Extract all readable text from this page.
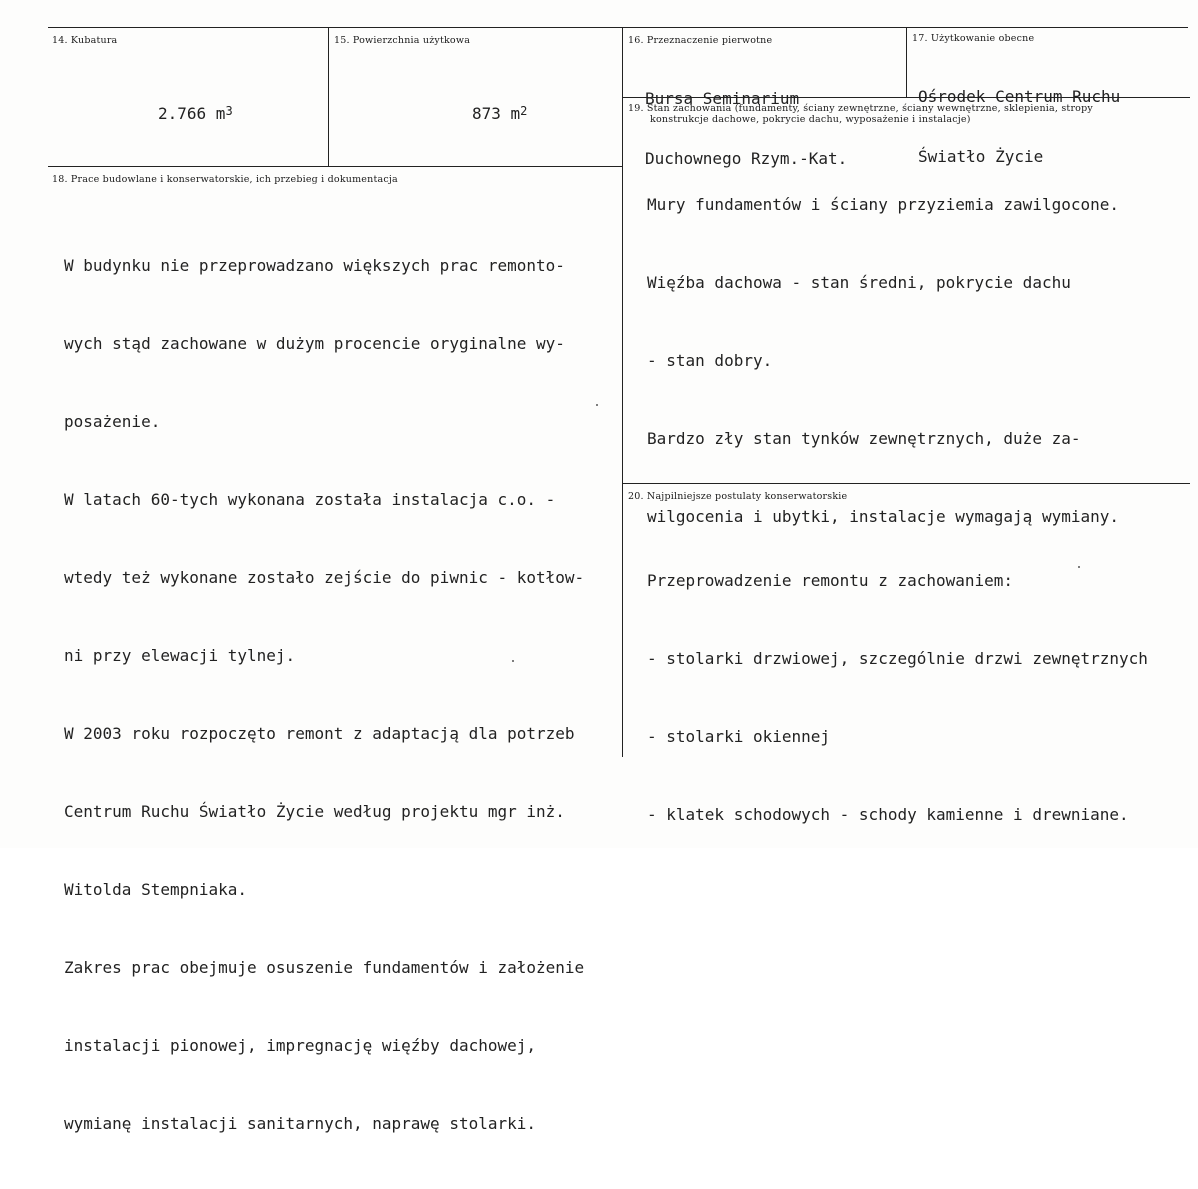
14. Kubatura
2.766 $m^3$
15. Powierzchnia użytkowa
873 $m^2$
16. Przeznaczenie pierwotne

Bursa Seminarium

Duchownego Rzym.-Kat.

17. Użytkowanie obecne

Ośrodek Centrum Ruchu

Światło Życie

18. Prace budowlane i konserwatorskie, ich przebieg i dokumentacja

W budynku nie przeprowadzano większych prac remonto-

wych stąd zachowane w dużym procencie oryginalne wy-

posażenie.

W latach 60-tych wykonana została instalacja c.o. -

wtedy też wykonane zostało zejście do piwnic - kotłow-

ni przy elewacji tylnej.

W 2003 roku rozpoczęto remont z adaptacją dla potrzeb

Centrum Ruchu Światło Życie według projektu mgr inż.

Witolda Stempniaka.

Zakres prac obejmuje osuszenie fundamentów i założenie

instalacji pionowej, impregnację więźby dachowej,

wymianę instalacji sanitarnych, naprawę stolarki.

19. Stan zachowania (fundamenty, ściany zewnętrzne, ściany wewnętrzne, sklepienia, stropy
konstrukcje dachowe, pokrycie dachu, wyposażenie i instalacje)

Mury fundamentów i ściany przyziemia zawilgocone.

Więźba dachowa - stan średni, pokrycie dachu

- stan dobry.

Bardzo zły stan tynków zewnętrznych, duże za-

wilgocenia i ubytki, instalacje wymagają wymiany.

20. Najpilniejsze postulaty konserwatorskie

Przeprowadzenie remontu z zachowaniem:

- stolarki drzwiowej, szczególnie drzwi zewnętrznych

- stolarki okiennej

- klatek schodowych - schody kamienne i drewniane.
